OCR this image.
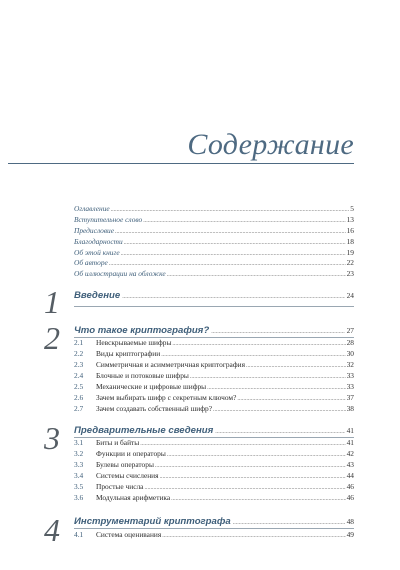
Содержание
Оглавление .....	5
Вступительное слово .....	13
Предисловие .....	16
Благодарности .....	18
Об этой книге .....	19
Об авторе .....	22
Об иллюстрации на обложке .....	23
1 Введение .....	24
2 Что такое криптография? .....	27
2.1	Невскрываемые шифры .....	28
2.2	Виды криптографии .....	30
2.3	Симметричная и асимметричная криптография .....	32
2.4	Блочные и потоковые шифры .....	33
2.5	Механические и цифровые шифры .....	33
2.6	Зачем выбирать шифр с секретным ключом? .....	37
2.7	Зачем создавать собственный шифр? .....	38
3 Предварительные сведения .....	41
3.1	Биты и байты .....	41
3.2	Функции и операторы .....	42
3.3	Булевы операторы .....	43
3.4	Системы счисления .....	44
3.5	Простые числа .....	46
3.6	Модульная арифметика .....	46
4 Инструментарий криптографа .....	48
4.1	Система оценивания .....	49
